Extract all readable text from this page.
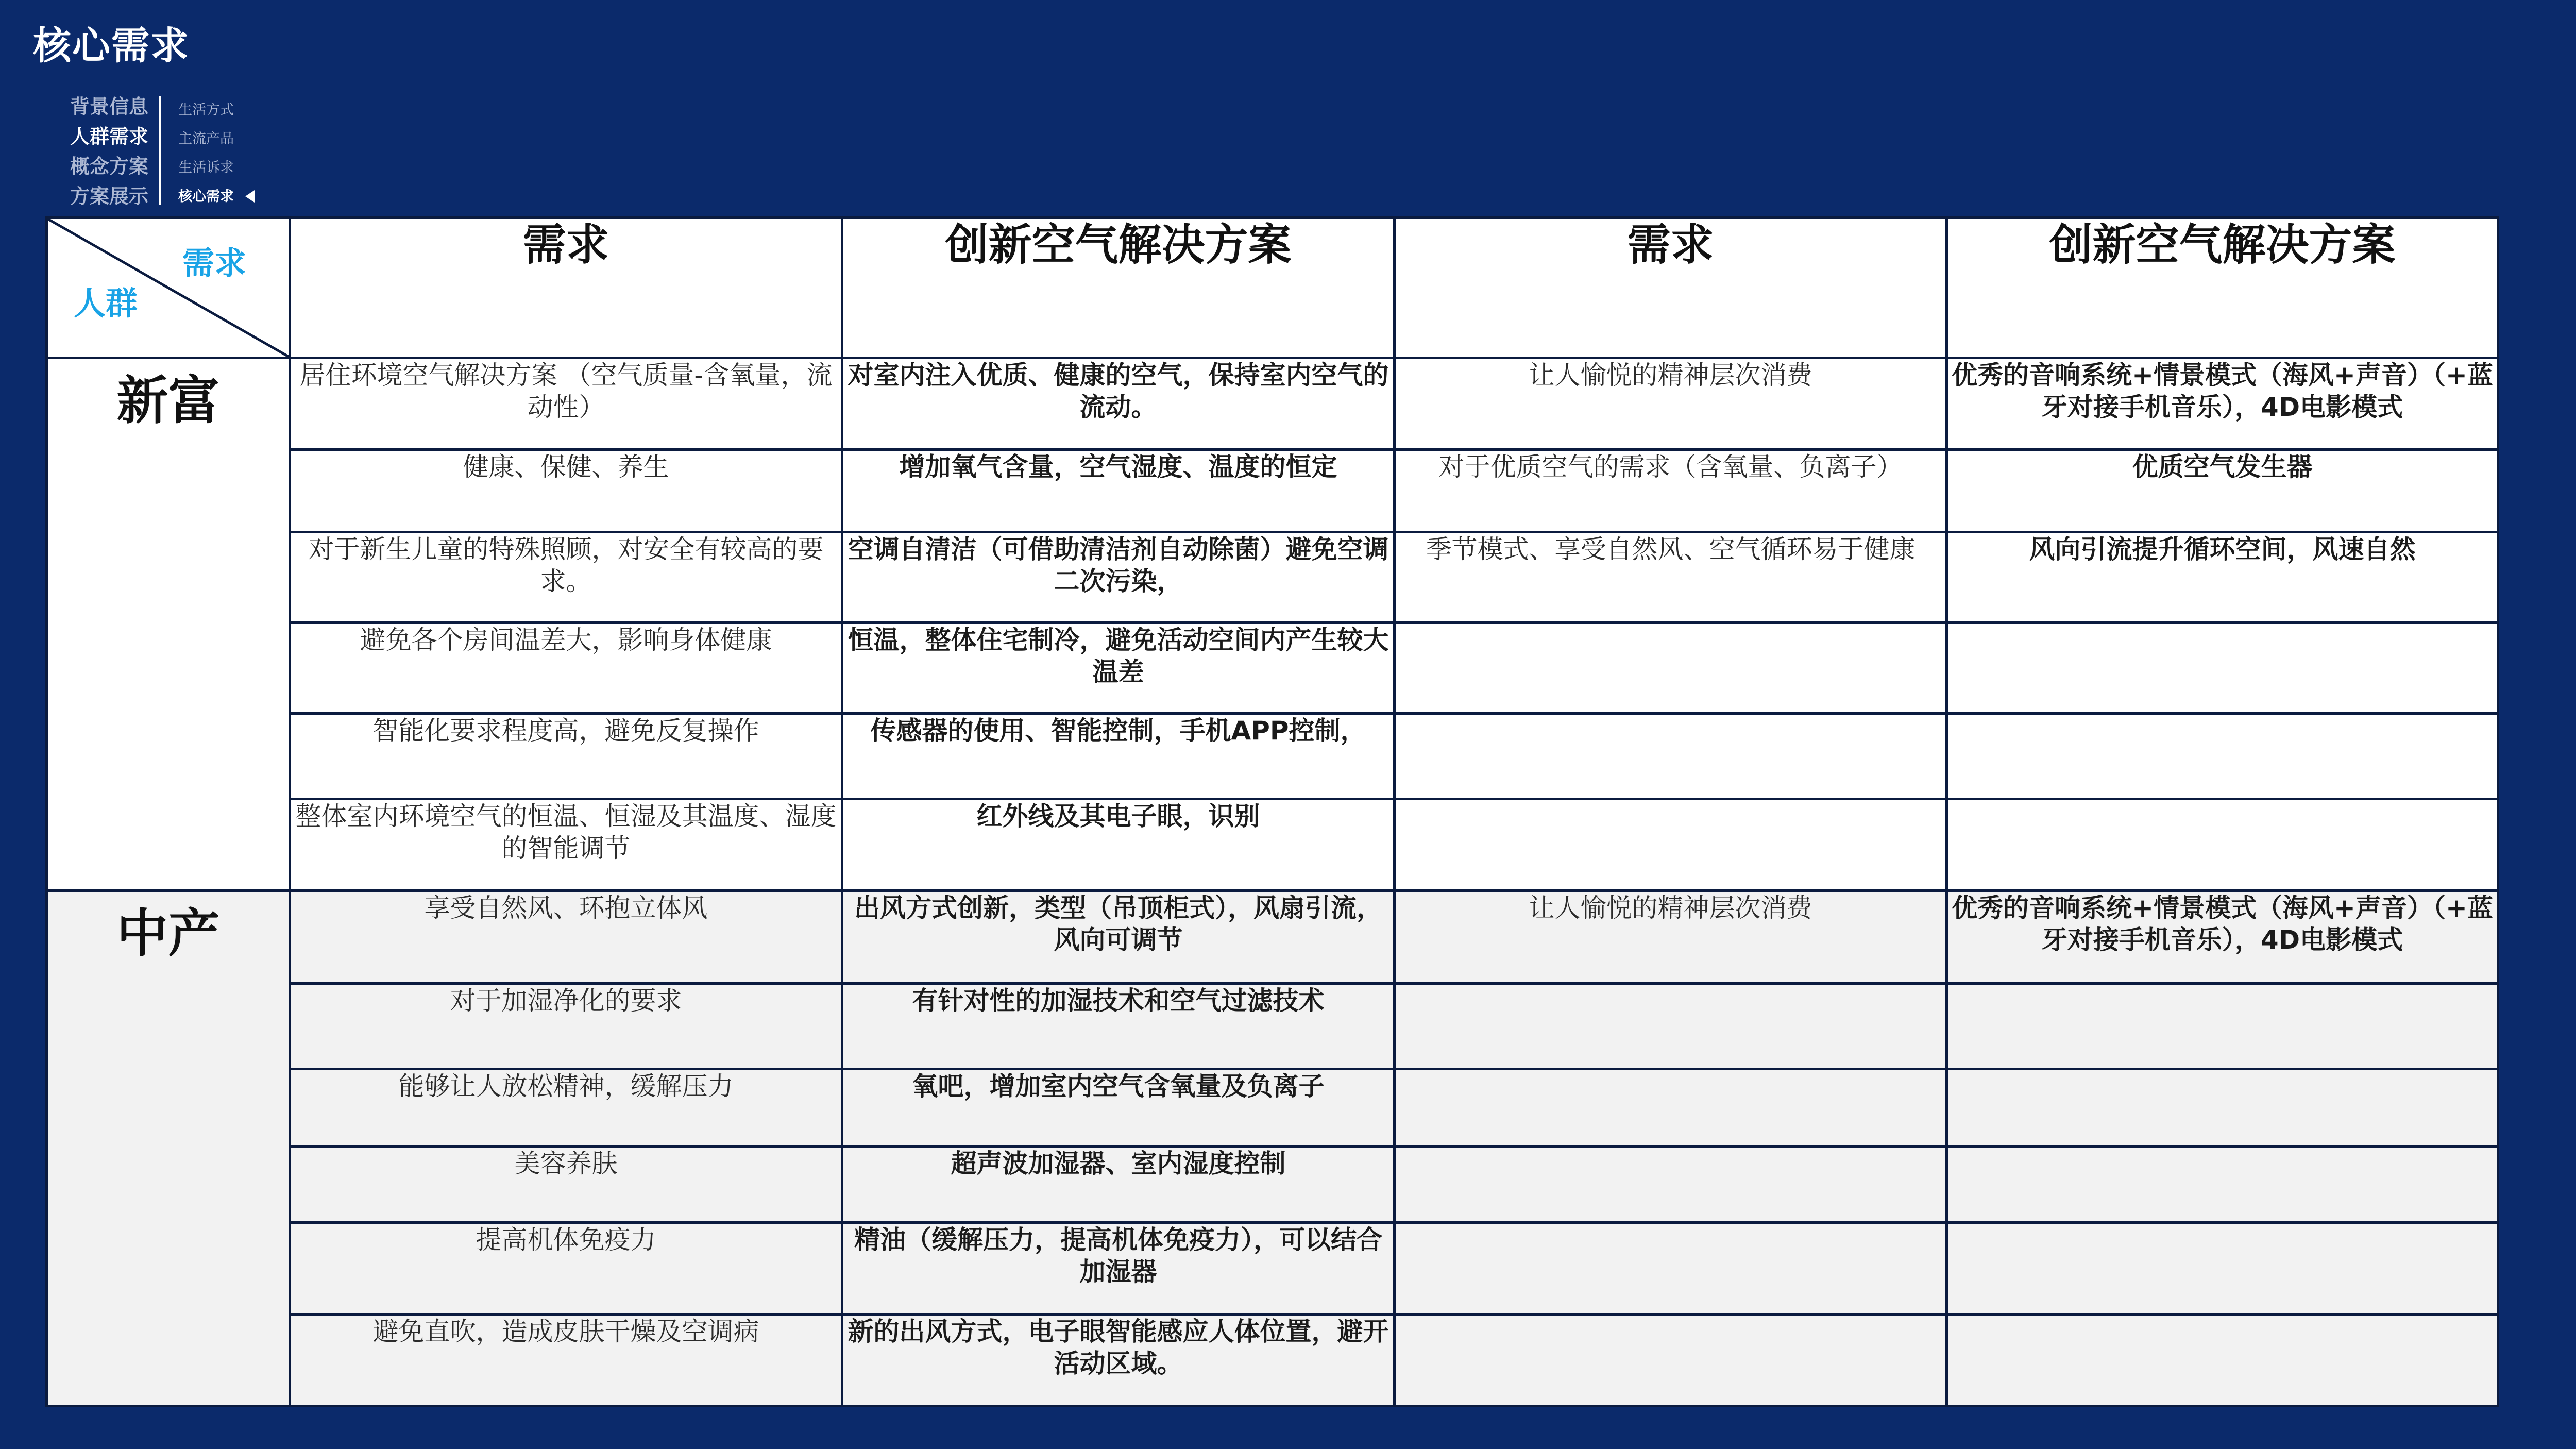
核心需求
背景信息
人群需求
概念方案
方案展示
生活方式
主流产品
生活诉求
核心需求
需求
人群	需求	创新空气解决方案	需求	创新空气解决方案
新富	居住环境空气解决方案 （空气质量-含氧量，流动性）	对室内注入优质、健康的空气，保持室内空气的流动。	让人愉悦的精神层次消费	优秀的音响系统+情景模式（海风+声音）（+蓝牙对接手机音乐），4D电影模式
	健康、保健、养生	增加氧气含量，空气湿度、温度的恒定	对于优质空气的需求（含氧量、负离子）	优质空气发生器
	对于新生儿童的特殊照顾，对安全有较高的要求。	空调自清洁（可借助清洁剂自动除菌）避免空调二次污染，	季节模式、享受自然风、空气循环易于健康	风向引流提升循环空间，风速自然
	避免各个房间温差大，影响身体健康	恒温，整体住宅制冷，避免活动空间内产生较大温差		
	智能化要求程度高，避免反复操作	传感器的使用、智能控制，手机APP控制，		
	整体室内环境空气的恒温、恒湿及其温度、湿度的智能调节	红外线及其电子眼，识别		
中产	享受自然风、环抱立体风	出风方式创新，类型（吊顶柜式），风扇引流，风向可调节	让人愉悦的精神层次消费	优秀的音响系统+情景模式（海风+声音）（+蓝牙对接手机音乐），4D电影模式
	对于加湿净化的要求	有针对性的加湿技术和空气过滤技术		
	能够让人放松精神，缓解压力	氧吧，增加室内空气含氧量及负离子		
	美容养肤	超声波加湿器、室内湿度控制		
	提高机体免疫力	精油（缓解压力，提高机体免疫力），可以结合加湿器		
	避免直吹，造成皮肤干燥及空调病	新的出风方式，电子眼智能感应人体位置，避开活动区域。		
